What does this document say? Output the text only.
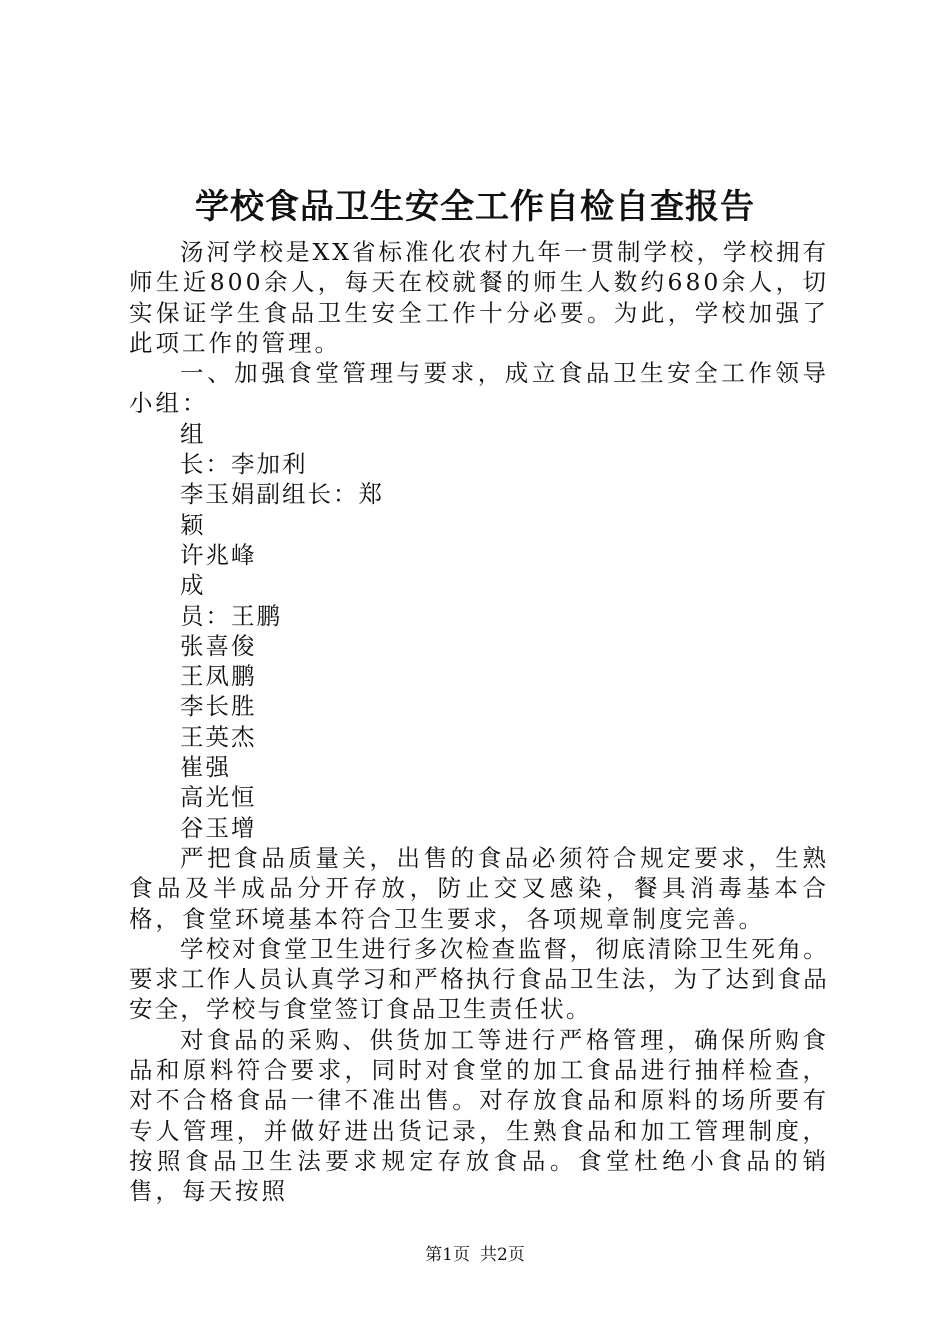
学校食品卫生安全工作自检自查报告

汤河学校是XX省标准化农村九年一贯制学校，学校拥有师生近800余人，每天在校就餐的师生人数约680余人，切实保证学生食品卫生安全工作十分必要。为此，学校加强了此项工作的管理。

一、加强食堂管理与要求，成立食品卫生安全工作领导小组：

组

长：李加利

李玉娟副组长：郑

颖

许兆峰

成

员：王鹏

张喜俊

王凤鹏

李长胜

王英杰

崔强

高光恒

谷玉增

严把食品质量关，出售的食品必须符合规定要求，生熟食品及半成品分开存放，防止交叉感染，餐具消毒基本合格，食堂环境基本符合卫生要求，各项规章制度完善。

学校对食堂卫生进行多次检查监督，彻底清除卫生死角。要求工作人员认真学习和严格执行食品卫生法，为了达到食品安全，学校与食堂签订食品卫生责任状。

对食品的采购、供货加工等进行严格管理，确保所购食品和原料符合要求，同时对食堂的加工食品进行抽样检查，对不合格食品一律不准出售。对存放食品和原料的场所要有专人管理，并做好进出货记录，生熟食品和加工管理制度，按照食品卫生法要求规定存放食品。食堂杜绝小食品的销售，每天按照

第1页 共2页
